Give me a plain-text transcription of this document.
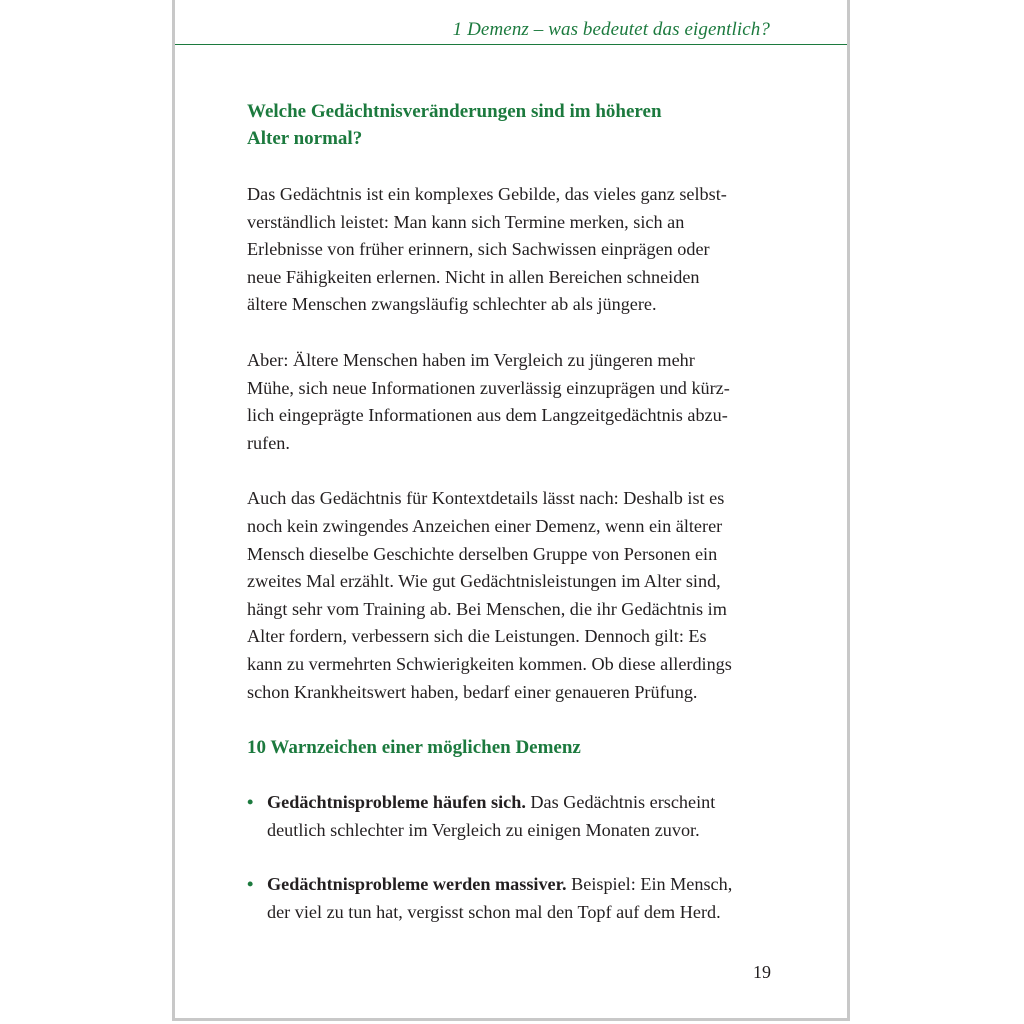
1 Demenz – was bedeutet das eigentlich?
Welche Gedächtnisveränderungen sind im höheren
Alter normal?

Das Gedächtnis ist ein komplexes Gebilde, das vieles ganz selbst-
verständlich leistet: Man kann sich Termine merken, sich an
Erlebnisse von früher erinnern, sich Sachwissen einprägen oder
neue Fähigkeiten erlernen. Nicht in allen Bereichen schneiden
ältere Menschen zwangsläufig schlechter ab als jüngere.

Aber: Ältere Menschen haben im Vergleich zu jüngeren mehr
Mühe, sich neue Informationen zuverlässig einzuprägen und kürz-
lich eingeprägte Informationen aus dem Langzeitgedächtnis abzu-
rufen.

Auch das Gedächtnis für Kontextdetails lässt nach: Deshalb ist es
noch kein zwingendes Anzeichen einer Demenz, wenn ein älterer
Mensch dieselbe Geschichte derselben Gruppe von Personen ein
zweites Mal erzählt. Wie gut Gedächtnisleistungen im Alter sind,
hängt sehr vom Training ab. Bei Menschen, die ihr Gedächtnis im
Alter fordern, verbessern sich die Leistungen. Dennoch gilt: Es
kann zu vermehrten Schwierigkeiten kommen. Ob diese allerdings
schon Krankheitswert haben, bedarf einer genaueren Prüfung.

10 Warnzeichen einer möglichen Demenz
• Gedächtnisprobleme häufen sich. Das Gedächtnis erscheint
deutlich schlechter im Vergleich zu einigen Monaten zuvor.
• Gedächtnisprobleme werden massiver. Beispiel: Ein Mensch,
der viel zu tun hat, vergisst schon mal den Topf auf dem Herd.
19
